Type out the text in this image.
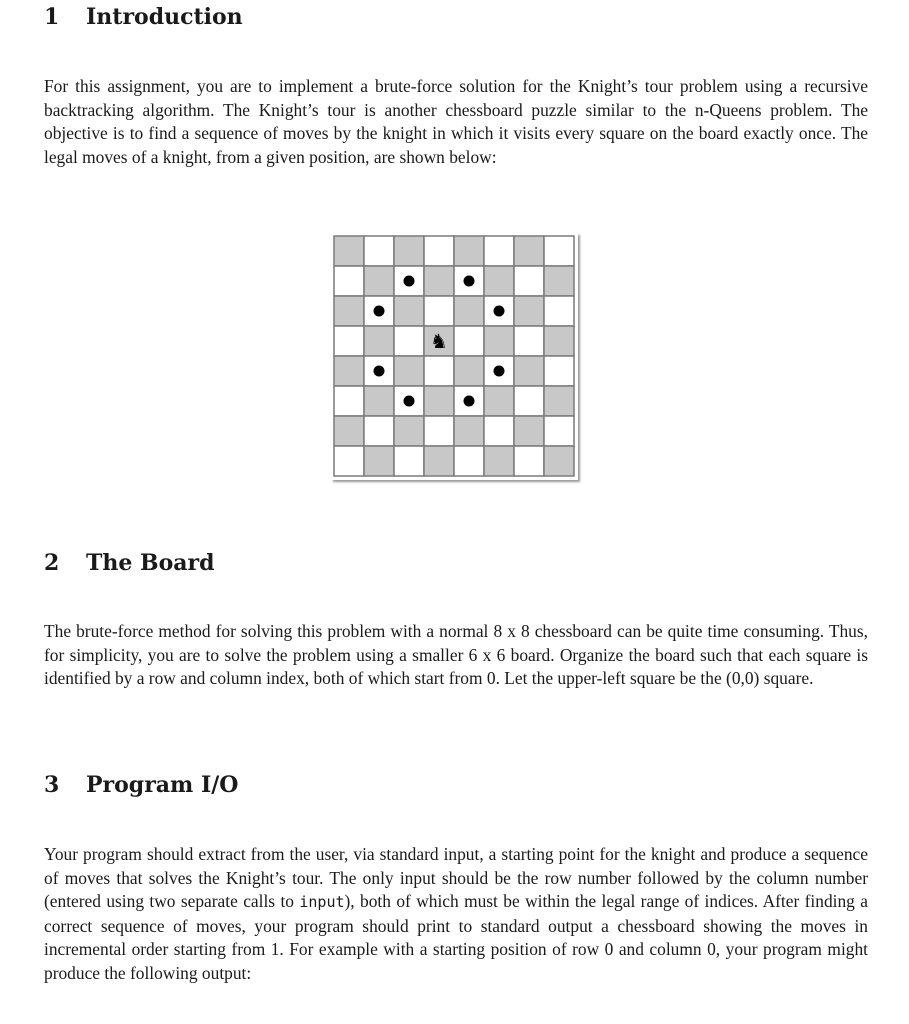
1 Introduction

For this assignment, you are to implement a brute-force solution for the Knight’s tour problem using a recursive backtracking algorithm. The Knight’s tour is another chessboard puzzle similar to the n-Queens problem. The objective is to find a sequence of moves by the knight in which it visits every square on the board exactly once. The legal moves of a knight, from a given position, are shown below:

♞
2 The Board

The brute-force method for solving this problem with a normal 8 x 8 chessboard can be quite time consuming. Thus, for simplicity, you are to solve the problem using a smaller 6 x 6 board. Organize the board such that each square is identified by a row and column index, both of which start from 0. Let the upper-left square be the (0,0) square.

3 Program I/O

Your program should extract from the user, via standard input, a starting point for the knight and produce a sequence of moves that solves the Knight’s tour. The only input should be the row number followed by the column number (entered using two separate calls to input), both of which must be within the legal range of indices. After finding a correct sequence of moves, your program should print to standard output a chessboard showing the moves in incremental order starting from 1. For example with a starting position of row 0 and column 0, your program might produce the following output:
